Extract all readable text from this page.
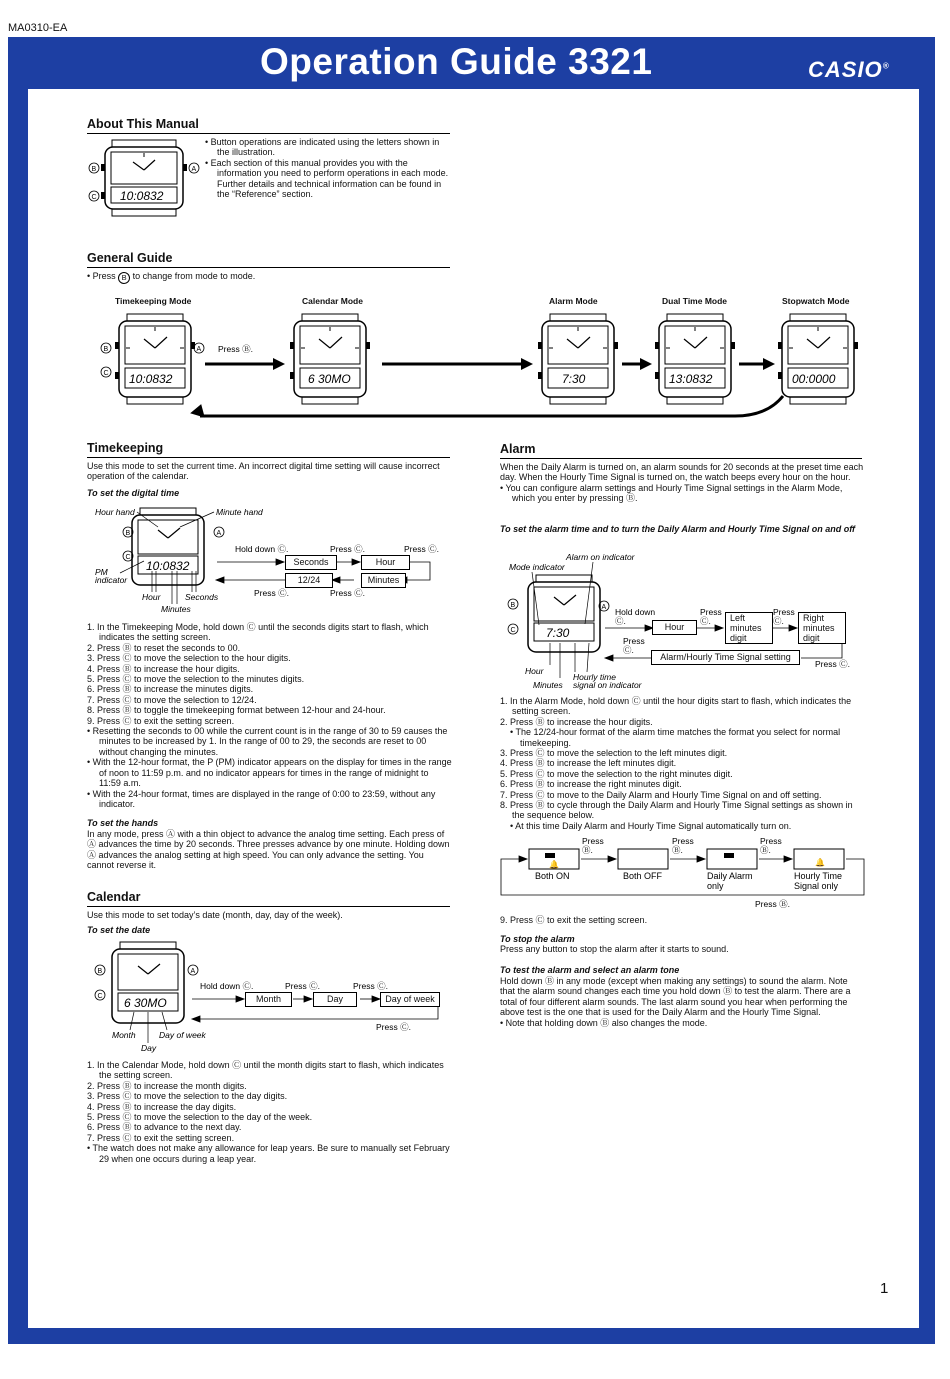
MA0310-EA
Operation Guide 3321	CASIO®
About This Manual
10:0832
B
C
A

• Button operations are indicated using the letters shown in the illustration.

• Each section of this manual provides you with the information you need to perform operations in each mode. Further details and technical information can be found in the “Reference” section.

General Guide
• Press B to change from mode to mode.
Timekeeping Mode	Calendar Mode	Alarm Mode	Dual Time Mode	Stopwatch Mode
10:0832	6 30MO	7:30	13:0832	00:0000
B
C
A Press Ⓑ.
Timekeeping
Use this mode to set the current time. An incorrect digital time setting will cause incorrect operation of the calendar.
To set the digital time
10:0832
Hour hand	Minute hand
PM
indicator
Hour	Seconds
Minutes
B
C
A
Hold down Ⓒ.	Press Ⓒ.	Press Ⓒ.
Press Ⓒ.	Press Ⓒ.
Seconds	Hour
12/24	Minutes

1. In the Timekeeping Mode, hold down Ⓒ until the seconds digits start to flash, which indicates the setting screen.

2. Press Ⓑ to reset the seconds to 00.

3. Press Ⓒ to move the selection to the hour digits.

4. Press Ⓑ to increase the hour digits.

5. Press Ⓒ to move the selection to the minutes digits.

6. Press Ⓑ to increase the minutes digits.

7. Press Ⓒ to move the selection to 12/24.

8. Press Ⓑ to toggle the timekeeping format between 12-hour and 24-hour.

9. Press Ⓒ to exit the setting screen.

• Resetting the seconds to 00 while the current count is in the range of 30 to 59 causes the minutes to be increased by 1. In the range of 00 to 29, the seconds are reset to 00 without changing the minutes.

• With the 12-hour format, the P (PM) indicator appears on the display for times in the range of noon to 11:59 p.m. and no indicator appears for times in the range of midnight to 11:59 a.m.

• With the 24-hour format, times are displayed in the range of 0:00 to 23:59, without any indicator.

To set the hands
In any mode, press Ⓐ with a thin object to advance the analog time setting. Each press of Ⓐ advances the time by 20 seconds. Three presses advance by one minute. Holding down Ⓐ advances the analog setting at high speed. You can only advance the setting. You cannot reverse it.
Calendar
Use this mode to set today’s date (month, day, day of the week).
To set the date
6 30MO
B
C
A
Month
Day
Day of week
Hold down Ⓒ.	Press Ⓒ.	Press Ⓒ.
Press Ⓒ.
Month	Day	Day of week

1. In the Calendar Mode, hold down Ⓒ until the month digits start to flash, which indicates the setting screen.

2. Press Ⓑ to increase the month digits.

3. Press Ⓒ to move the selection to the day digits.

4. Press Ⓑ to increase the day digits.

5. Press Ⓒ to move the selection to the day of the week.

6. Press Ⓑ to advance to the next day.

7. Press Ⓒ to exit the setting screen.

• The watch does not make any allowance for leap years. Be sure to manually set February 29 when one occurs during a leap year.

Alarm

When the Daily Alarm is turned on, an alarm sounds for 20 seconds at the preset time each day. When the Hourly Time Signal is turned on, the watch beeps every hour on the hour.

• You can configure alarm settings and Hourly Time Signal settings in the Alarm Mode, which you enter by pressing Ⓑ.

To set the alarm time and to turn the Daily Alarm and Hourly Time Signal on and off
Alarm on indicator
Mode indicator
7:30
B
C
A
Hour
Minutes
Hourly time
signal on indicator
Hold down
Ⓒ.
Press
Ⓒ.
Press
Ⓒ.
Press
Ⓒ.
Press Ⓒ.
Hour
Left minutes digit
Right minutes digit
Alarm/Hourly Time Signal setting

1. In the Alarm Mode, hold down Ⓒ until the hour digits start to flash, which indicates the setting screen.

2. Press Ⓑ to increase the hour digits.

• The 12/24-hour format of the alarm time matches the format you select for normal timekeeping.

3. Press Ⓒ to move the selection to the left minutes digit.

4. Press Ⓑ to increase the left minutes digit.

5. Press Ⓒ to move the selection to the right minutes digit.

6. Press Ⓑ to increase the right minutes digit.

7. Press Ⓒ to move to the Daily Alarm and Hourly Time Signal on and off setting.

8. Press Ⓑ to cycle through the Daily Alarm and Hourly Time Signal settings as shown in the sequence below.

• At this time Daily Alarm and Hourly Time Signal automatically turn on.

Press
Ⓑ.
Press
Ⓑ.
Press
Ⓑ.
Press Ⓑ.
🔔	🔔
Both ON	Both OFF	Daily Alarm
only
Hourly Time
Signal only
9. Press Ⓒ to exit the setting screen.
To stop the alarm
Press any button to stop the alarm after it starts to sound.
To test the alarm and select an alarm tone

Hold down Ⓑ in any mode (except when making any settings) to sound the alarm. Note that the alarm sound changes each time you hold down Ⓑ to test the alarm. There are a total of four different alarm sounds. The last alarm sound you hear when performing the above test is the one that is used for the Daily Alarm and the Hourly Time Signal.

• Note that holding down Ⓑ also changes the mode.

1
